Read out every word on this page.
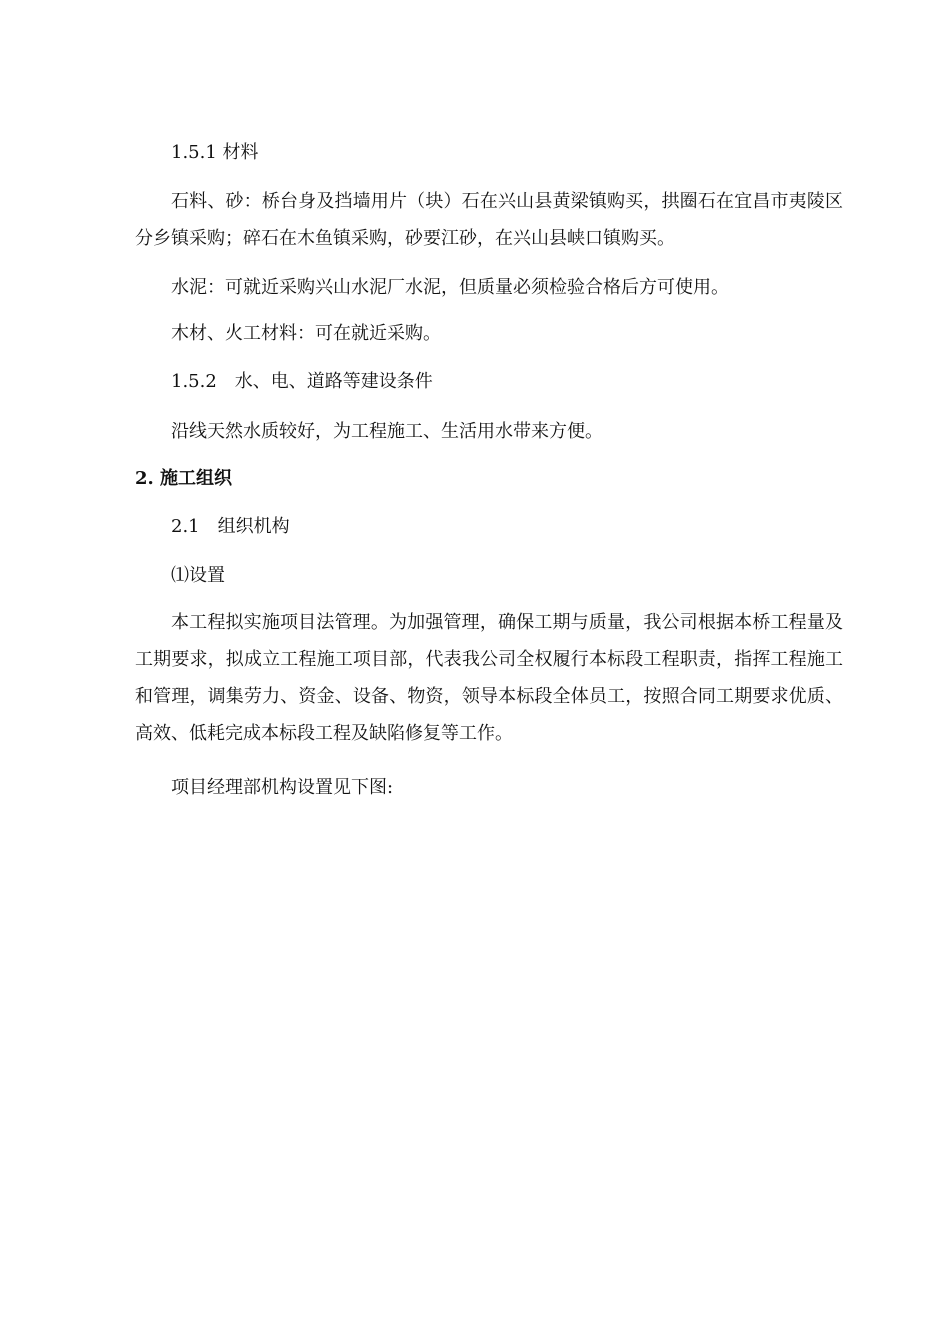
1.5.1 材料
石料、砂：桥台身及挡墙用片（块）石在兴山县黄梁镇购买，拱圈石在宜昌市夷陵区分乡镇采购；碎石在木鱼镇采购，砂要江砂，在兴山县峡口镇购买。
水泥：可就近采购兴山水泥厂水泥，但质量必须检验合格后方可使用。
木材、火工材料：可在就近采购。
1.5.2　水、电、道路等建设条件
沿线天然水质较好，为工程施工、生活用水带来方便。
2. 施工组织
2.1　组织机构
⑴设置
本工程拟实施项目法管理。为加强管理，确保工期与质量，我公司根据本桥工程量及工期要求，拟成立工程施工项目部，代表我公司全权履行本标段工程职责，指挥工程施工和管理，调集劳力、资金、设备、物资，领导本标段全体员工，按照合同工期要求优质、高效、低耗完成本标段工程及缺陷修复等工作。
项目经理部机构设置见下图:
